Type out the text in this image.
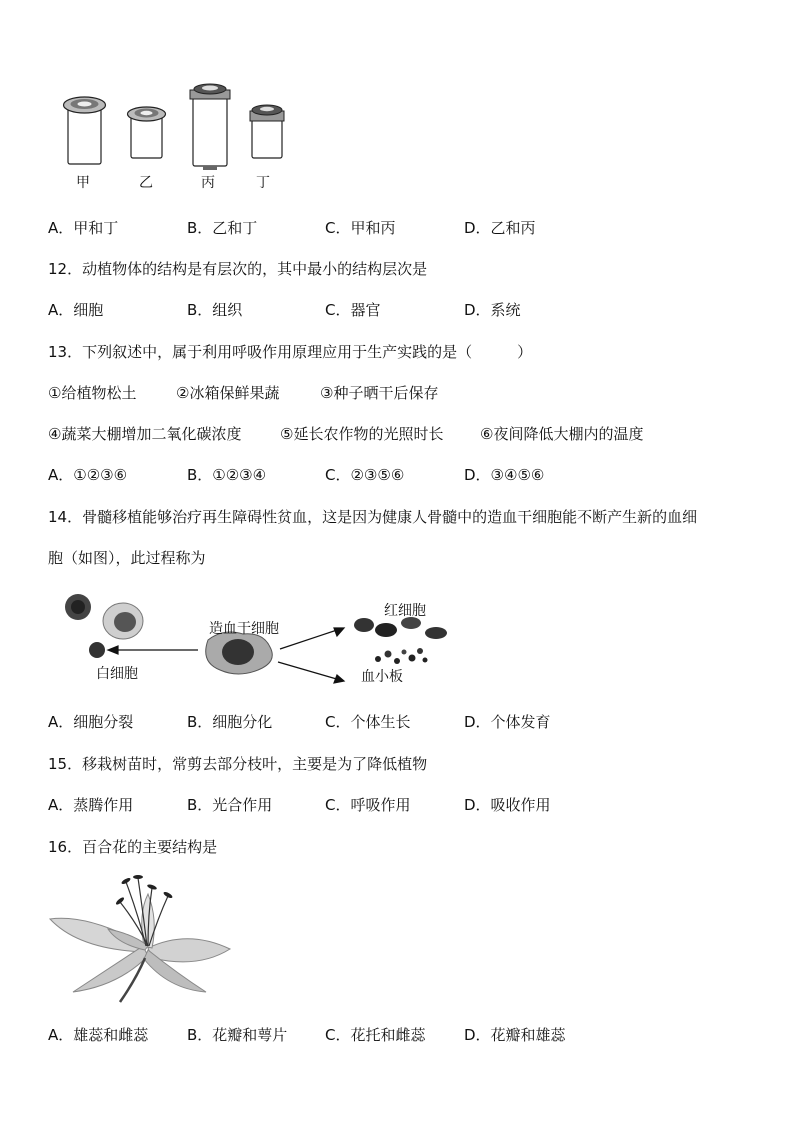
甲	乙	丙	丁
A．甲和丁	B．乙和丁	C．甲和丙	D．乙和丙
12．动植物体的结构是有层次的，其中最小的结构层次是
A．细胞	B．组织	C．器官	D．系统
13．下列叙述中，属于利用呼吸作用原理应用于生产实践的是（　　　）
①给植物松土	②冰箱保鲜果蔬	③种子晒干后保存
④蔬菜大棚增加二氧化碳浓度	⑤延长农作物的光照时长 ⑥夜间降低大棚内的温度
A．①②③⑥	B．①②③④	C．②③⑤⑥	D．③④⑤⑥
14．骨髓移植能够治疗再生障碍性贫血，这是因为健康人骨髓中的造血干细胞能不断产生新的血细
胞（如图），此过程称为
造血干细胞
红细胞
白细胞	血小板
A．细胞分裂	B．细胞分化	C．个体生长	D．个体发育
15．移栽树苗时，常剪去部分枝叶，主要是为了降低植物
A．蒸腾作用	B．光合作用	C．呼吸作用	D．吸收作用
16．百合花的主要结构是
A．雄蕊和雌蕊	B．花瓣和萼片	C．花托和雌蕊	D．花瓣和雄蕊
